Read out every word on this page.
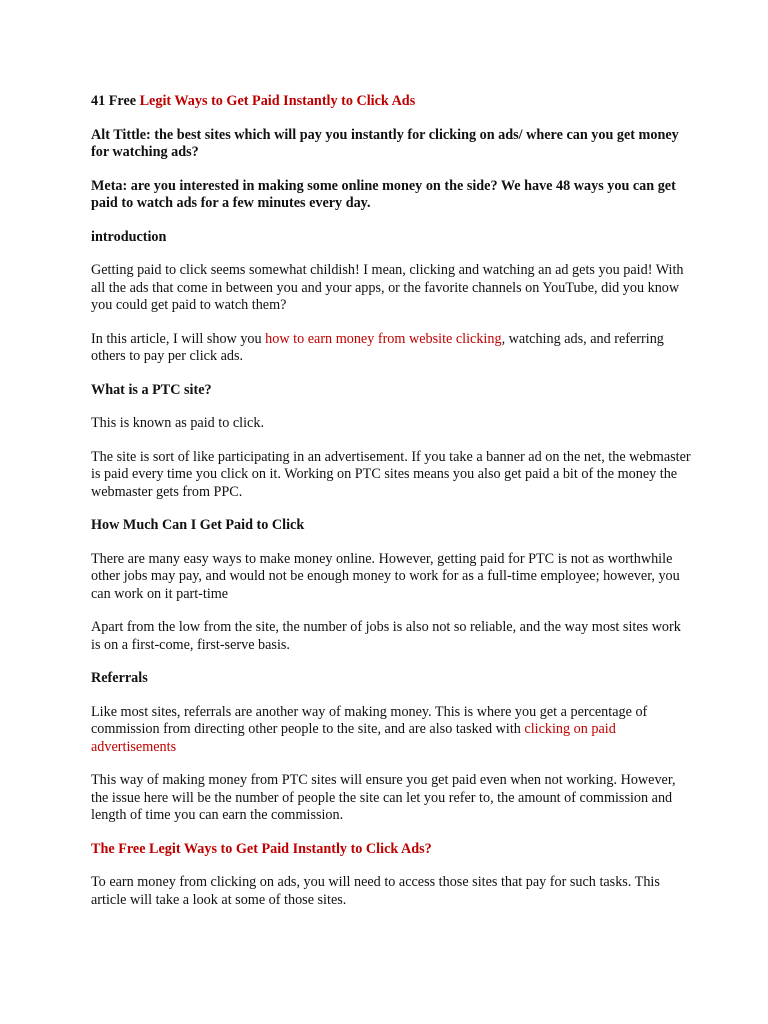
41 Free Legit Ways to Get Paid Instantly to Click Ads

Alt Tittle: the best sites which will pay you instantly for clicking on ads/ where can you get money for watching ads?

Meta: are you interested in making some online money on the side? We have 48 ways you can get paid to watch ads for a few minutes every day.

introduction

Getting paid to click seems somewhat childish! I mean, clicking and watching an ad gets you paid! With all the ads that come in between you and your apps, or the favorite channels on YouTube, did you know you could get paid to watch them?

In this article, I will show you how to earn money from website clicking, watching ads, and referring others to pay per click ads.

What is a PTC site?

This is known as paid to click.

The site is sort of like participating in an advertisement. If you take a banner ad on the net, the webmaster is paid every time you click on it. Working on PTC sites means you also get paid a bit of the money the webmaster gets from PPC.

How Much Can I Get Paid to Click

There are many easy ways to make money online. However, getting paid for PTC is not as worthwhile other jobs may pay, and would not be enough money to work for as a full-time employee; however, you can work on it part-time

Apart from the low from the site, the number of jobs is also not so reliable, and the way most sites work is on a first-come, first-serve basis.

Referrals

Like most sites, referrals are another way of making money. This is where you get a percentage of commission from directing other people to the site, and are also tasked with clicking on paid advertisements

This way of making money from PTC sites will ensure you get paid even when not working. However, the issue here will be the number of people the site can let you refer to, the amount of commission and length of time you can earn the commission.

The Free Legit Ways to Get Paid Instantly to Click Ads?

To earn money from clicking on ads, you will need to access those sites that pay for such tasks. This article will take a look at some of those sites.
